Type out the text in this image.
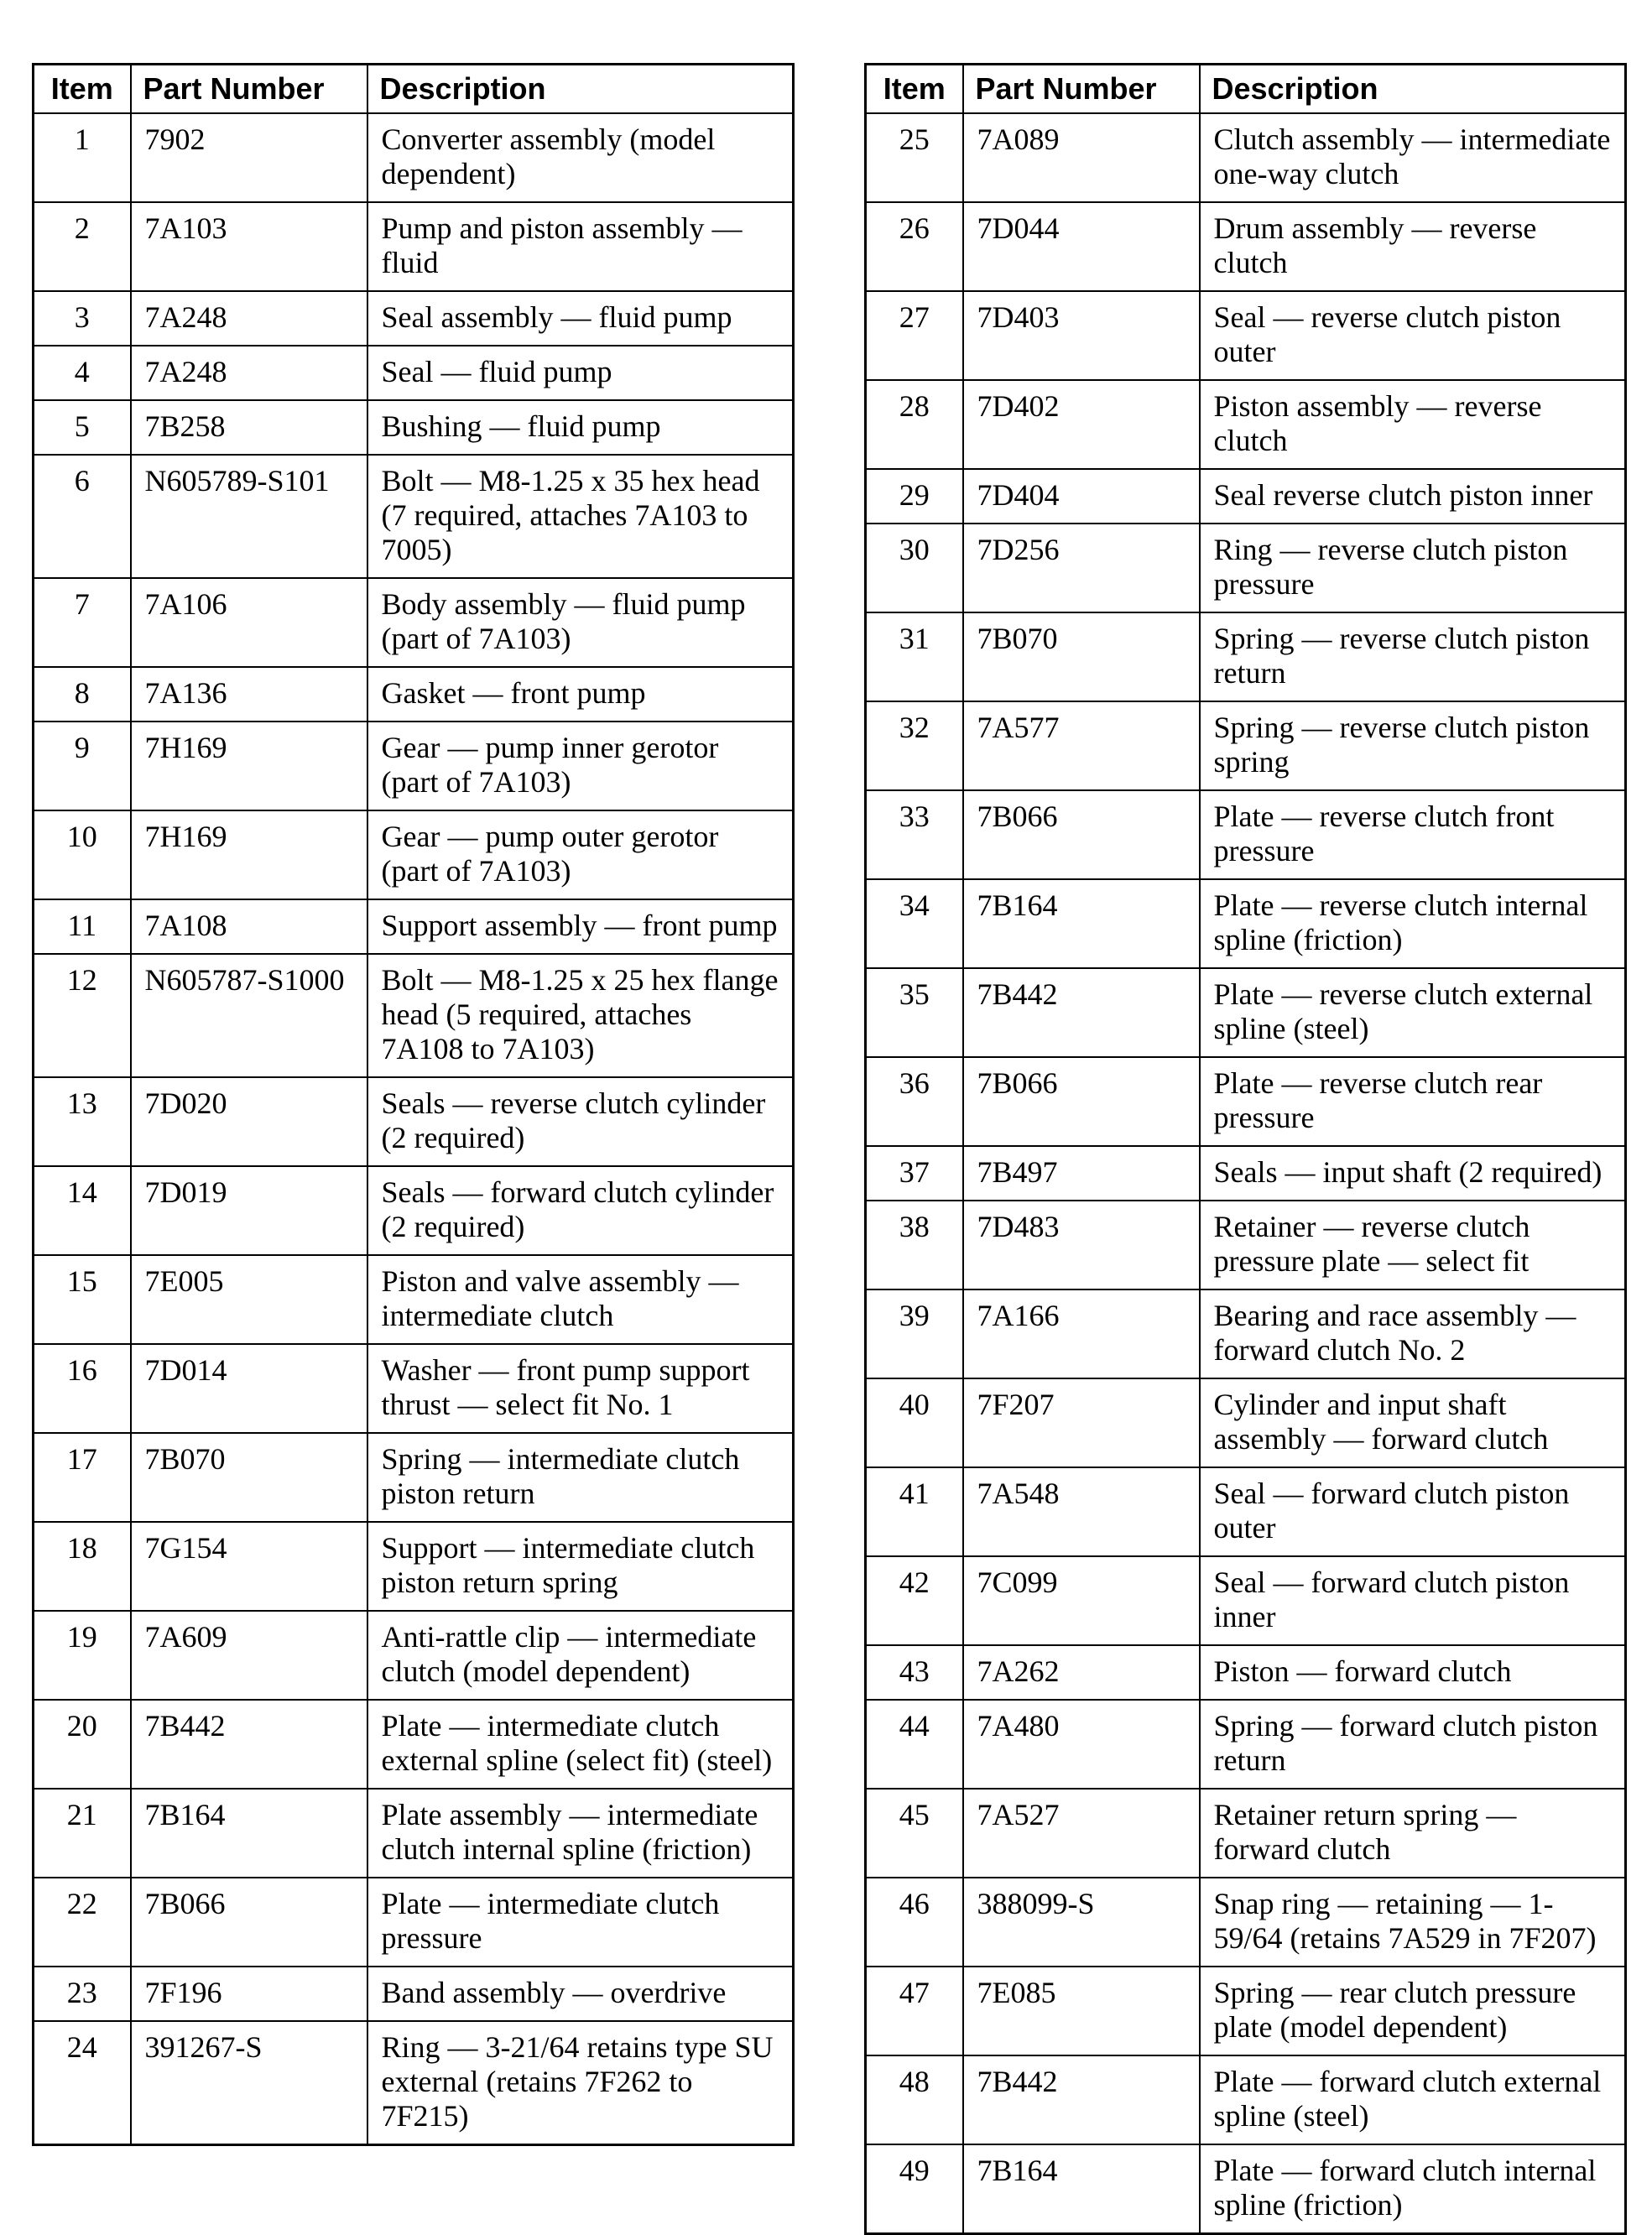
Item	Part Number	Description
1	7902	Converter assembly (model dependent)
2	7A103	Pump and piston assembly — fluid
3	7A248	Seal assembly — fluid pump
4	7A248	Seal — fluid pump
5	7B258	Bushing — fluid pump
6	N605789-S101	Bolt — M8-1.25 x 35 hex head (7 required, attaches 7A103 to 7005)
7	7A106	Body assembly — fluid pump (part of 7A103)
8	7A136	Gasket — front pump
9	7H169	Gear — pump inner gerotor (part of 7A103)
10	7H169	Gear — pump outer gerotor (part of 7A103)
11	7A108	Support assembly — front pump
12	N605787-S1000	Bolt — M8-1.25 x 25 hex flange head (5 required, attaches 7A108 to 7A103)
13	7D020	Seals — reverse clutch cylinder (2 required)
14	7D019	Seals — forward clutch cylinder (2 required)
15	7E005	Piston and valve assembly — intermediate clutch
16	7D014	Washer — front pump support thrust — select fit No. 1
17	7B070	Spring — intermediate clutch piston return
18	7G154	Support — intermediate clutch piston return spring
19	7A609	Anti-rattle clip — intermediate clutch (model dependent)
20	7B442	Plate — intermediate clutch external spline (select fit) (steel)
21	7B164	Plate assembly — intermediate clutch internal spline (friction)
22	7B066	Plate — intermediate clutch pressure
23	7F196	Band assembly — overdrive
24	391267-S	Ring — 3-21/64 retains type SU external (retains 7F262 to 7F215)
Item	Part Number	Description
25	7A089	Clutch assembly — intermediate one-way clutch
26	7D044	Drum assembly — reverse clutch
27	7D403	Seal — reverse clutch piston outer
28	7D402	Piston assembly — reverse clutch
29	7D404	Seal reverse clutch piston inner
30	7D256	Ring — reverse clutch piston pressure
31	7B070	Spring — reverse clutch piston return
32	7A577	Spring — reverse clutch piston spring
33	7B066	Plate — reverse clutch front pressure
34	7B164	Plate — reverse clutch internal spline (friction)
35	7B442	Plate — reverse clutch external spline (steel)
36	7B066	Plate — reverse clutch rear pressure
37	7B497	Seals — input shaft (2 required)
38	7D483	Retainer — reverse clutch pressure plate — select fit
39	7A166	Bearing and race assembly — forward clutch No. 2
40	7F207	Cylinder and input shaft assembly — forward clutch
41	7A548	Seal — forward clutch piston outer
42	7C099	Seal — forward clutch piston inner
43	7A262	Piston — forward clutch
44	7A480	Spring — forward clutch piston return
45	7A527	Retainer return spring — forward clutch
46	388099-S	Snap ring — retaining — 1-59/64 (retains 7A529 in 7F207)
47	7E085	Spring — rear clutch pressure plate (model dependent)
48	7B442	Plate — forward clutch external spline (steel)
49	7B164	Plate — forward clutch internal spline (friction)
